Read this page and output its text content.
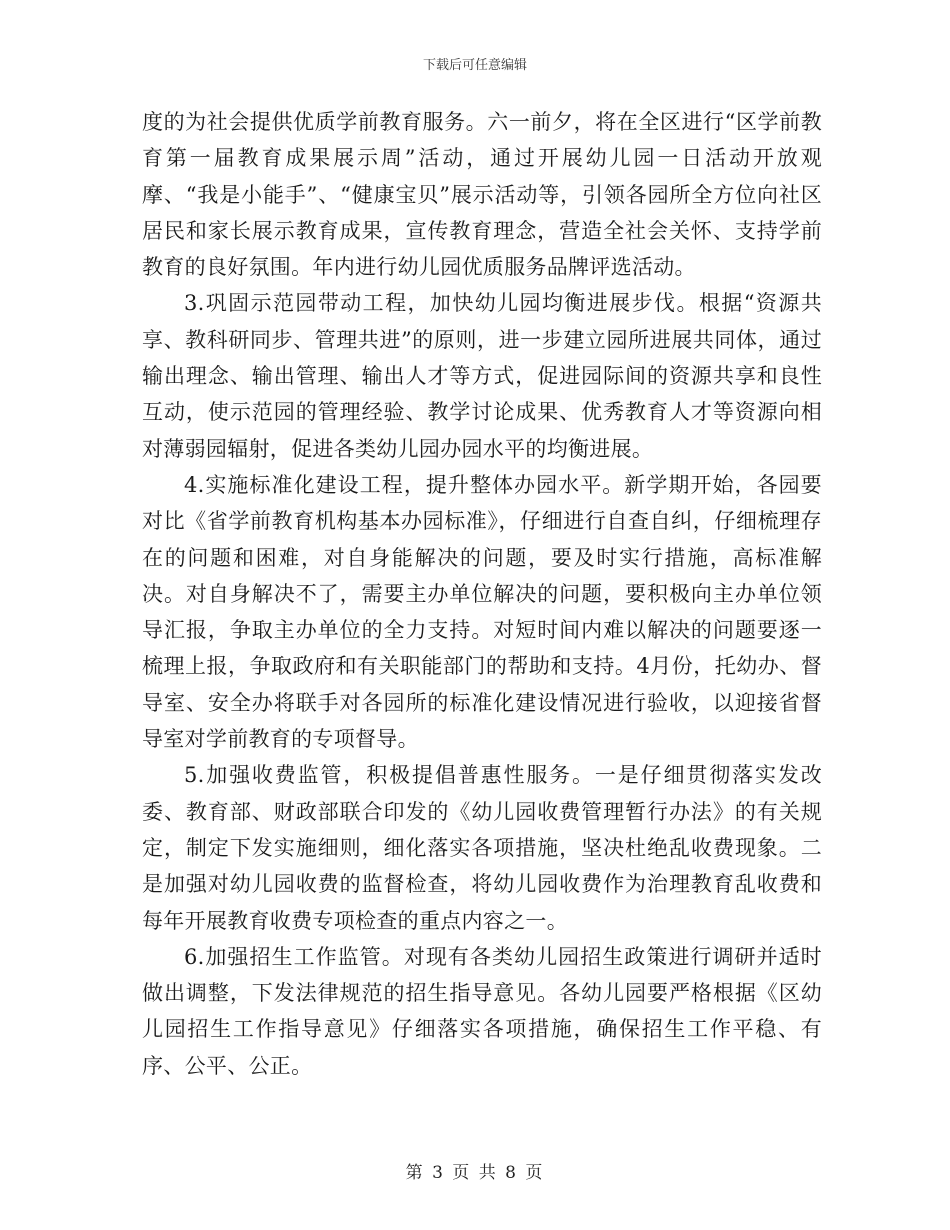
下载后可任意编辑

度的为社会提供优质学前教育服务。六一前夕，将在全区进行“区学前教育第一届教育成果展示周”活动，通过开展幼儿园一日活动开放观摩、“我是小能手”、“健康宝贝”展示活动等，引领各园所全方位向社区居民和家长展示教育成果，宣传教育理念，营造全社会关怀、支持学前教育的良好氛围。年内进行幼儿园优质服务品牌评选活动。

3.巩固示范园带动工程，加快幼儿园均衡进展步伐。根据“资源共享、教科研同步、管理共进”的原则，进一步建立园所进展共同体，通过输出理念、输出管理、输出人才等方式，促进园际间的资源共享和良性互动，使示范园的管理经验、教学讨论成果、优秀教育人才等资源向相对薄弱园辐射，促进各类幼儿园办园水平的均衡进展。

4.实施标准化建设工程，提升整体办园水平。新学期开始，各园要对比《省学前教育机构基本办园标准》，仔细进行自查自纠，仔细梳理存在的问题和困难，对自身能解决的问题，要及时实行措施，高标准解决。对自身解决不了，需要主办单位解决的问题，要积极向主办单位领导汇报，争取主办单位的全力支持。对短时间内难以解决的问题要逐一梳理上报，争取政府和有关职能部门的帮助和支持。4月份，托幼办、督导室、安全办将联手对各园所的标准化建设情况进行验收，以迎接省督导室对学前教育的专项督导。

5.加强收费监管，积极提倡普惠性服务。一是仔细贯彻落实发改委、教育部、财政部联合印发的《幼儿园收费管理暂行办法》的有关规定，制定下发实施细则，细化落实各项措施，坚决杜绝乱收费现象。二是加强对幼儿园收费的监督检查，将幼儿园收费作为治理教育乱收费和每年开展教育收费专项检查的重点内容之一。

6.加强招生工作监管。对现有各类幼儿园招生政策进行调研并适时做出调整，下发法律规范的招生指导意见。各幼儿园要严格根据《区幼儿园招生工作指导意见》仔细落实各项措施，确保招生工作平稳、有序、公平、公正。

第 3 页 共 8 页
